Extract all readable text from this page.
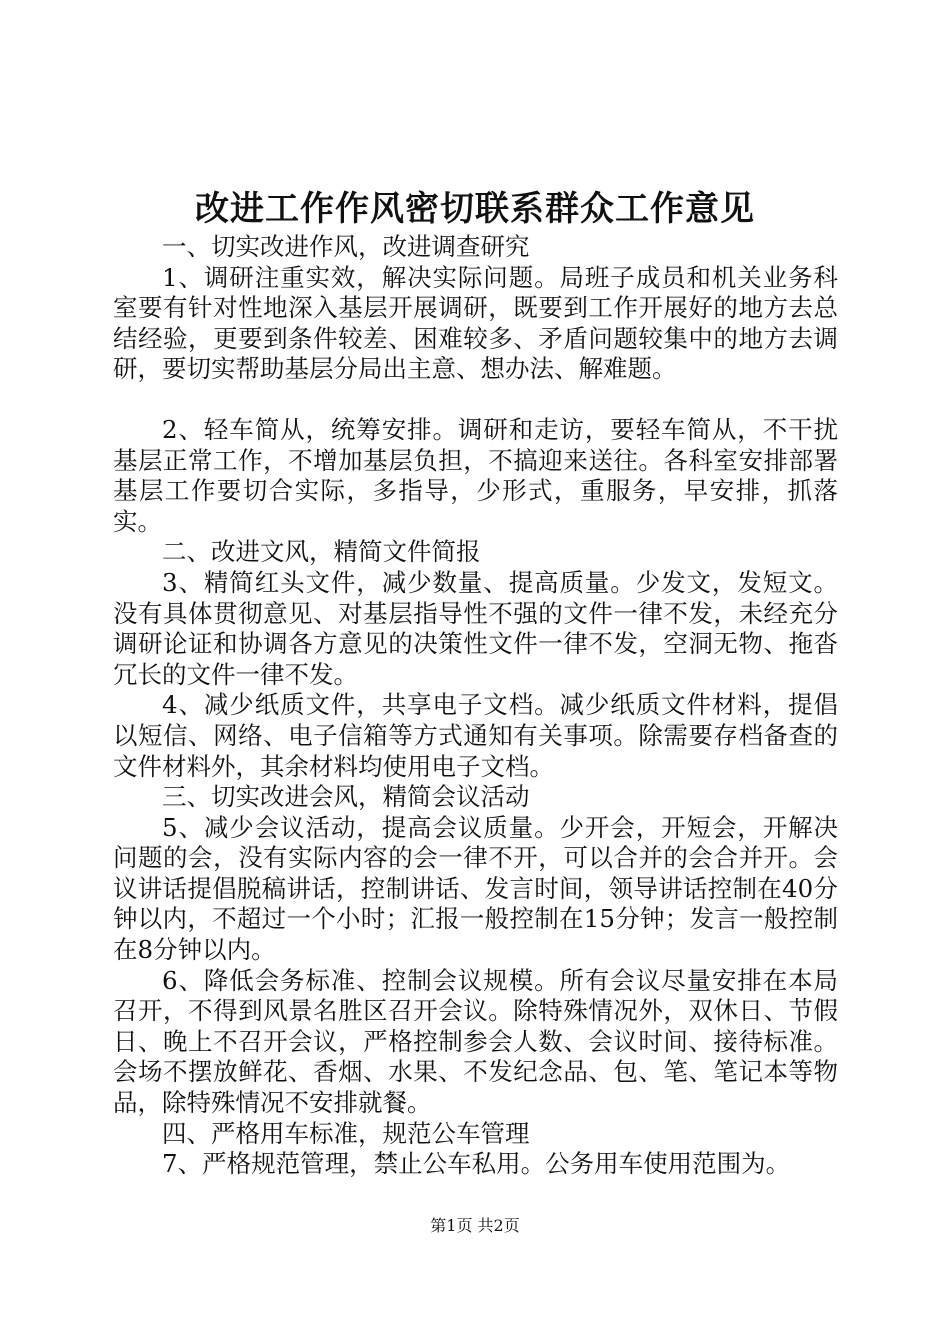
改进工作作风密切联系群众工作意见

一、切实改进作风，改进调查研究

1、调研注重实效，解决实际问题。局班子成员和机关业务科室要有针对性地深入基层开展调研，既要到工作开展好的地方去总结经验，更要到条件较差、困难较多、矛盾问题较集中的地方去调研，要切实帮助基层分局出主意、想办法、解难题。

2、轻车简从，统筹安排。调研和走访，要轻车简从，不干扰基层正常工作，不增加基层负担，不搞迎来送往。各科室安排部署基层工作要切合实际，多指导，少形式，重服务，早安排，抓落实。

二、改进文风，精简文件简报

3、精简红头文件，减少数量、提高质量。少发文，发短文。没有具体贯彻意见、对基层指导性不强的文件一律不发，未经充分调研论证和协调各方意见的决策性文件一律不发，空洞无物、拖沓冗长的文件一律不发。

4、减少纸质文件，共享电子文档。减少纸质文件材料，提倡以短信、网络、电子信箱等方式通知有关事项。除需要存档备查的文件材料外，其余材料均使用电子文档。

三、切实改进会风，精简会议活动

5、减少会议活动，提高会议质量。少开会，开短会，开解决问题的会，没有实际内容的会一律不开，可以合并的会合并开。会议讲话提倡脱稿讲话，控制讲话、发言时间，领导讲话控制在40分钟以内，不超过一个小时；汇报一般控制在15分钟；发言一般控制在8分钟以内。

6、降低会务标准、控制会议规模。所有会议尽量安排在本局召开，不得到风景名胜区召开会议。除特殊情况外，双休日、节假日、晚上不召开会议，严格控制参会人数、会议时间、接待标准。会场不摆放鲜花、香烟、水果、不发纪念品、包、笔、笔记本等物品，除特殊情况不安排就餐。

四、严格用车标准，规范公车管理

7、严格规范管理，禁止公车私用。公务用车使用范围为。

第1页 共2页
